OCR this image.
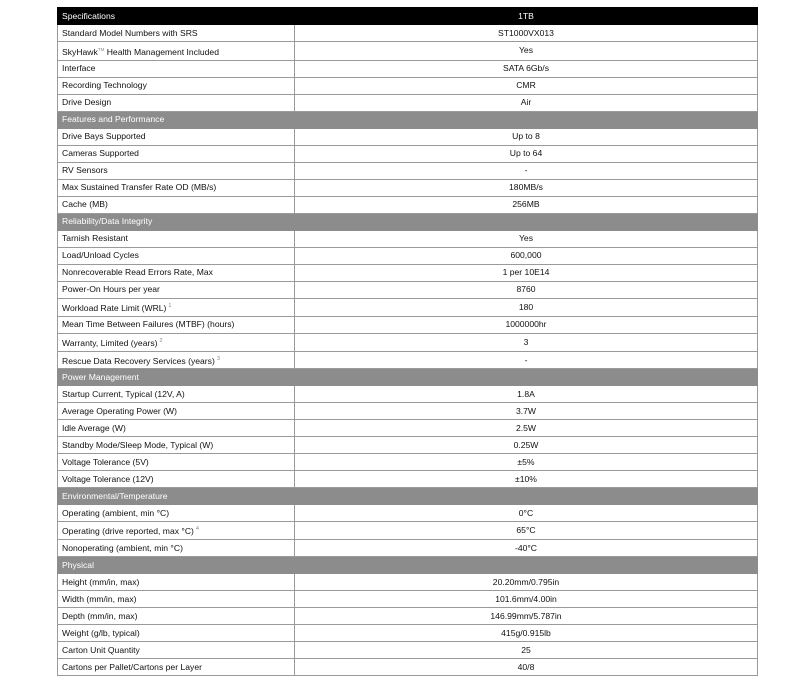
Specifications	1TB
Standard Model Numbers with SRS	ST1000VX013
SkyHawk™ Health Management Included	Yes
Interface	SATA 6Gb/s
Recording Technology	CMR
Drive Design	Air
Features and Performance	
Drive Bays Supported	Up to 8
Cameras Supported	Up to 64
RV Sensors	-
Max Sustained Transfer Rate OD (MB/s)	180MB/s
Cache (MB)	256MB
Reliability/Data Integrity	
Tarnish Resistant	Yes
Load/Unload Cycles	600,000
Nonrecoverable Read Errors Rate, Max	1 per 10E14
Power-On Hours per year	8760
Workload Rate Limit (WRL) $^1$	180
Mean Time Between Failures (MTBF) (hours)	1000000hr
Warranty, Limited (years) $^2$	3
Rescue Data Recovery Services (years) $^3$	-
Power Management	
Startup Current, Typical (12V, A)	1.8A
Average Operating Power (W)	3.7W
Idle Average (W)	2.5W
Standby Mode/Sleep Mode, Typical (W)	0.25W
Voltage Tolerance (5V)	±5%
Voltage Tolerance (12V)	±10%
Environmental/Temperature	
Operating (ambient, min °C)	0°C
Operating (drive reported, max °C) $^4$	65°C
Nonoperating (ambient, min °C)	-40°C
Physical	
Height (mm/in, max)	20.20mm/0.795in
Width (mm/in, max)	101.6mm/4.00in
Depth (mm/in, max)	146.99mm/5.787in
Weight (g/lb, typical)	415g/0.915lb
Carton Unit Quantity	25
Cartons per Pallet/Cartons per Layer	40/8
